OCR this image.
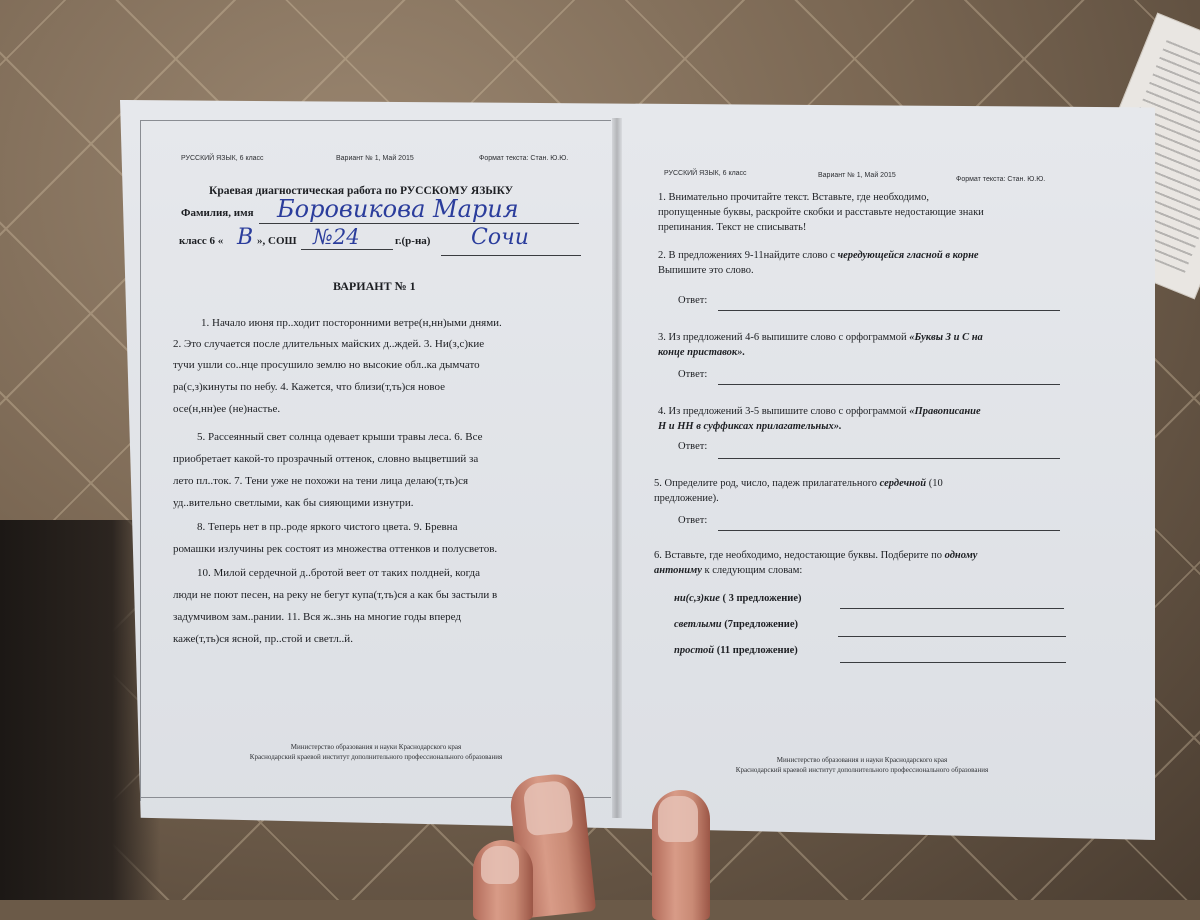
РУССКИЙ ЯЗЫК, 6 класс	Вариант № 1, Май 2015	Формат текста: Стан. Ю.Ю.
Краевая диагностическая работа по РУССКОМУ ЯЗЫКУ
Фамилия, имя Боровикова Мария
класс 6 « В », СОШ №24	г.(р-на) Сочи
ВАРИАНТ № 1
1. Начало июня пр..ходит посторонними ветре(н,нн)ыми днями.
2. Это случается после длительных майских д..ждей. 3. Ни(з,с)кие
тучи ушли со..нце просушило землю но высокие обл..ка дымчато
ра(с,з)кинуты по небу. 4. Кажется, что близи(т,ть)ся новое
осе(н,нн)ее (не)настье.
5. Рассеянный свет солнца одевает крыши травы леса. 6. Все
приобретает какой-то прозрачный оттенок, словно выцветший за
лето пл..ток. 7. Тени уже не похожи на тени лица делаю(т,ть)ся
уд..вительно светлыми, как бы сияющими изнутри.
8. Теперь нет в пр..роде яркого чистого цвета. 9. Бревна
ромашки излучины рек состоят из множества оттенков и полусветов.
10. Милой сердечной д..бротой веет от таких полдней, когда
люди не поют песен, на реку не бегут купа(т,ть)ся а как бы застыли в
задумчивом зам..рании. 11. Вся ж..знь на многие годы вперед
каже(т,ть)ся ясной, пр..стой и светл..й.
Министерство образования и науки Краснодарского края
Краснодарский краевой институт дополнительного профессионального образования
РУССКИЙ ЯЗЫК, 6 класс	Вариант № 1, Май 2015
Формат текста: Стан. Ю.Ю.
1. Внимательно прочитайте текст. Вставьте, где необходимо,
пропущенные буквы, раскройте скобки и расставьте недостающие знаки
препинания. Текст не списывать!
2. В предложениях 9-11найдите слово с чередующейся гласной в корне
Выпишите это слово.
Ответ:
3. Из предложений 4-6 выпишите слово с орфограммой «Буквы З и С на
конце приставок».
Ответ:
4. Из предложений 3-5 выпишите слово с орфограммой «Правописание
Н и НН в суффиксах прилагательных».
Ответ:
5. Определите род, число, падеж прилагательного сердечной (10
предложение).
Ответ:
6. Вставьте, где необходимо, недостающие буквы. Подберите по одному
антониму к следующим словам:
ни(с,з)кие ( 3 предложение)
светлыми (7предложение)
простой (11 предложение)
Министерство образования и науки Краснодарского края
Краснодарский краевой институт дополнительного профессионального образования
